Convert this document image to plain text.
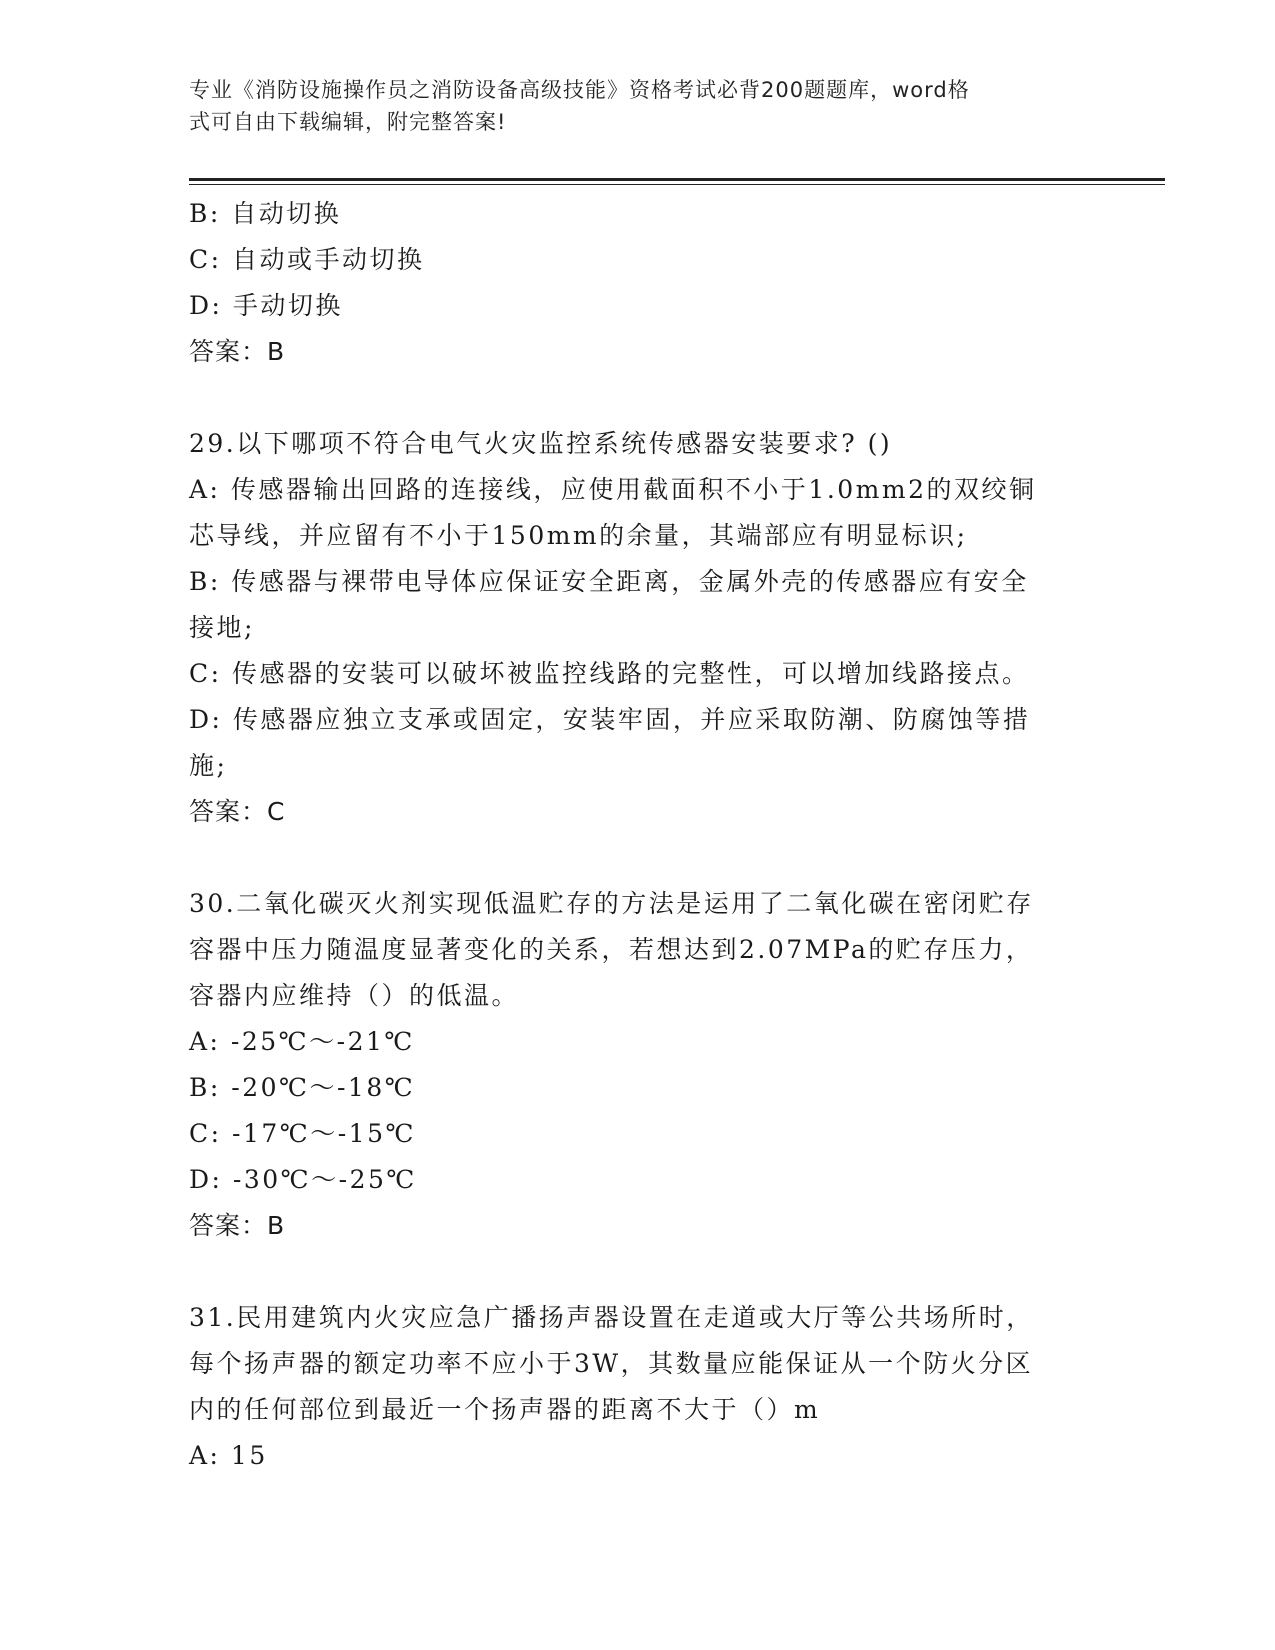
专业《消防设施操作员之消防设备高级技能》资格考试必背200题题库，word格
式可自由下载编辑，附完整答案!
B: 自动切换
C: 自动或手动切换
D: 手动切换
答案：B
29.以下哪项不符合电气火灾监控系统传感器安装要求? ()
A: 传感器输出回路的连接线，应使用截面积不小于1.0mm2的双绞铜
芯导线，并应留有不小于150mm的余量，其端部应有明显标识;
B: 传感器与裸带电导体应保证安全距离，金属外壳的传感器应有安全
接地;
C: 传感器的安装可以破坏被监控线路的完整性，可以增加线路接点。
D: 传感器应独立支承或固定，安装牢固，并应采取防潮、防腐蚀等措
施;
答案：C
30.二氧化碳灭火剂实现低温贮存的方法是运用了二氧化碳在密闭贮存
容器中压力随温度显著变化的关系，若想达到2.07MPa的贮存压力，
容器内应维持（）的低温。
A: -25℃～-21℃
B: -20℃～-18℃
C: -17℃～-15℃
D: -30℃～-25℃
答案：B
31.民用建筑内火灾应急广播扬声器设置在走道或大厅等公共场所时，
每个扬声器的额定功率不应小于3W，其数量应能保证从一个防火分区
内的任何部位到最近一个扬声器的距离不大于（）m
A: 15
